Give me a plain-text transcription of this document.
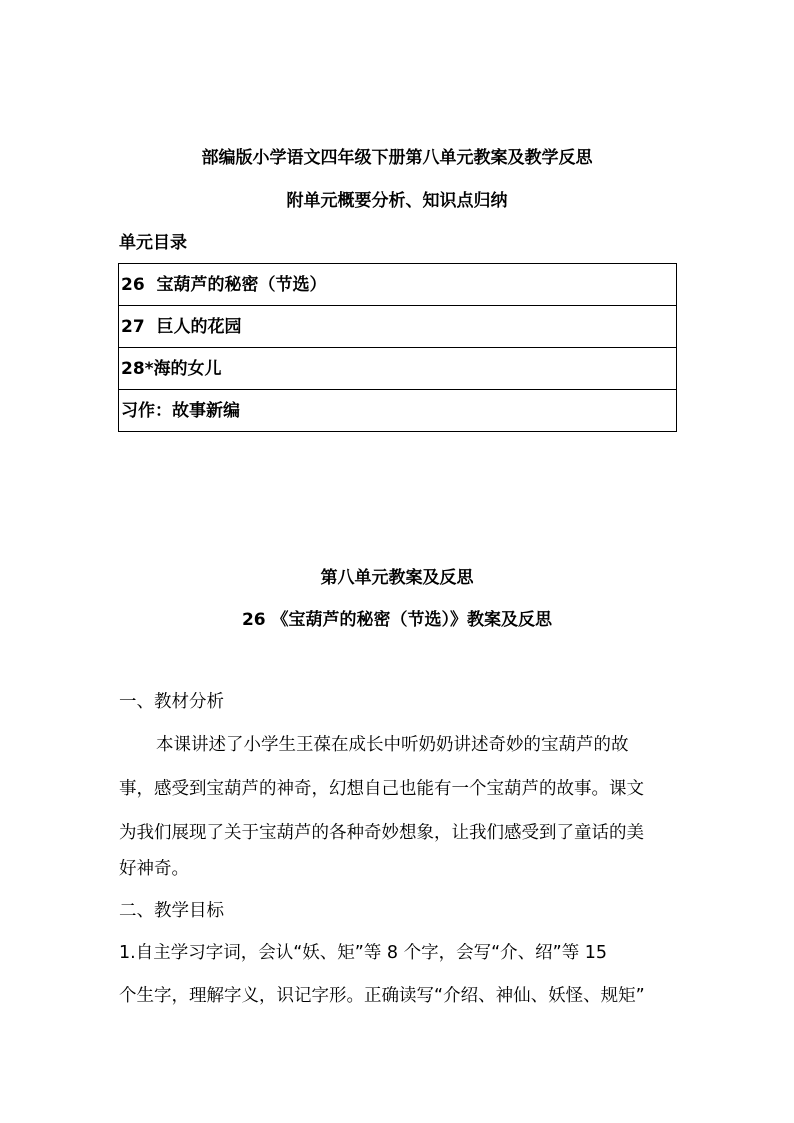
部编版小学语文四年级下册第八单元教案及教学反思
附单元概要分析、知识点归纳
单元目录
26  宝葫芦的秘密（节选）
27  巨人的花园
28*海的女儿
习作：故事新编
第八单元教案及反思
26 《宝葫芦的秘密（节选）》教案及反思
一、教材分析
本课讲述了小学生王葆在成长中听奶奶讲述奇妙的宝葫芦的故
事，感受到宝葫芦的神奇，幻想自己也能有一个宝葫芦的故事。课文
为我们展现了关于宝葫芦的各种奇妙想象，让我们感受到了童话的美
好神奇。
二、教学目标
1.自主学习字词，会认“妖、矩”等 8 个字，会写“介、绍”等 15
个生字，理解字义，识记字形。正确读写“介绍、神仙、妖怪、规矩”
